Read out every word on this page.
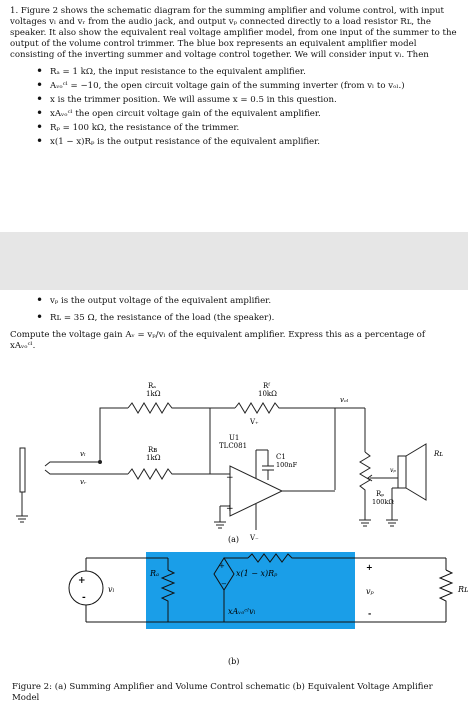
1. Figure 2 shows the schematic diagram for the summing amplifier and volume control, with input voltages vₗ and vᵣ from the audio jack, and output vₚ connected directly to a load resistor Rʟ, the speaker. It also show the equivalent real voltage amplifier model, from one input of the summer to the output of the volume control trimmer. The blue box represents an equivalent amplifier model consisting of the inverting summer and voltage control together. We will consider input vₗ. Then

• Rₐ = 1 kΩ, the input resistance to the equivalent amplifier.
• Aᵥₒᶜˡ = −10, the open circuit voltage gain of the summing inverter (from vₗ to vₒₗ.)
• x is the trimmer position. We will assume x = 0.5 in this question.
• xAᵥₒᶜˡ the open circuit voltage gain of the equivalent amplifier.
• Rₚ = 100 kΩ, the resistance of the trimmer.
• x(1 − x)Rₚ is the output resistance of the equivalent amplifier.
• vₚ is the output voltage of the equivalent amplifier.
• Rʟ = 35 Ω, the resistance of the load (the speaker).

Compute the voltage gain Aᵥ = vₚ/vₗ of the equivalent amplifier. Express this as a percentage of xAᵥₒᶜˡ.

−
+
Rₐ
1kΩ
Rᶠ
10kΩ
Rʙ
1kΩ
U1
TLC081
C1
100nF
V₊
V₋
vₗ
vᵣ
vₒₗ
Rₚ
100kΩ
vₚ
Rʟ
(a)
+
−
+
-
vₗ
Rₐ	x(1 − x)Rₚ
xAᵥₒᶜˡvₗ
+
vₚ
-
Rʟ
(b)

Figure 2: (a) Summing Amplifier and Volume Control schematic (b) Equivalent Voltage Amplifier Model
